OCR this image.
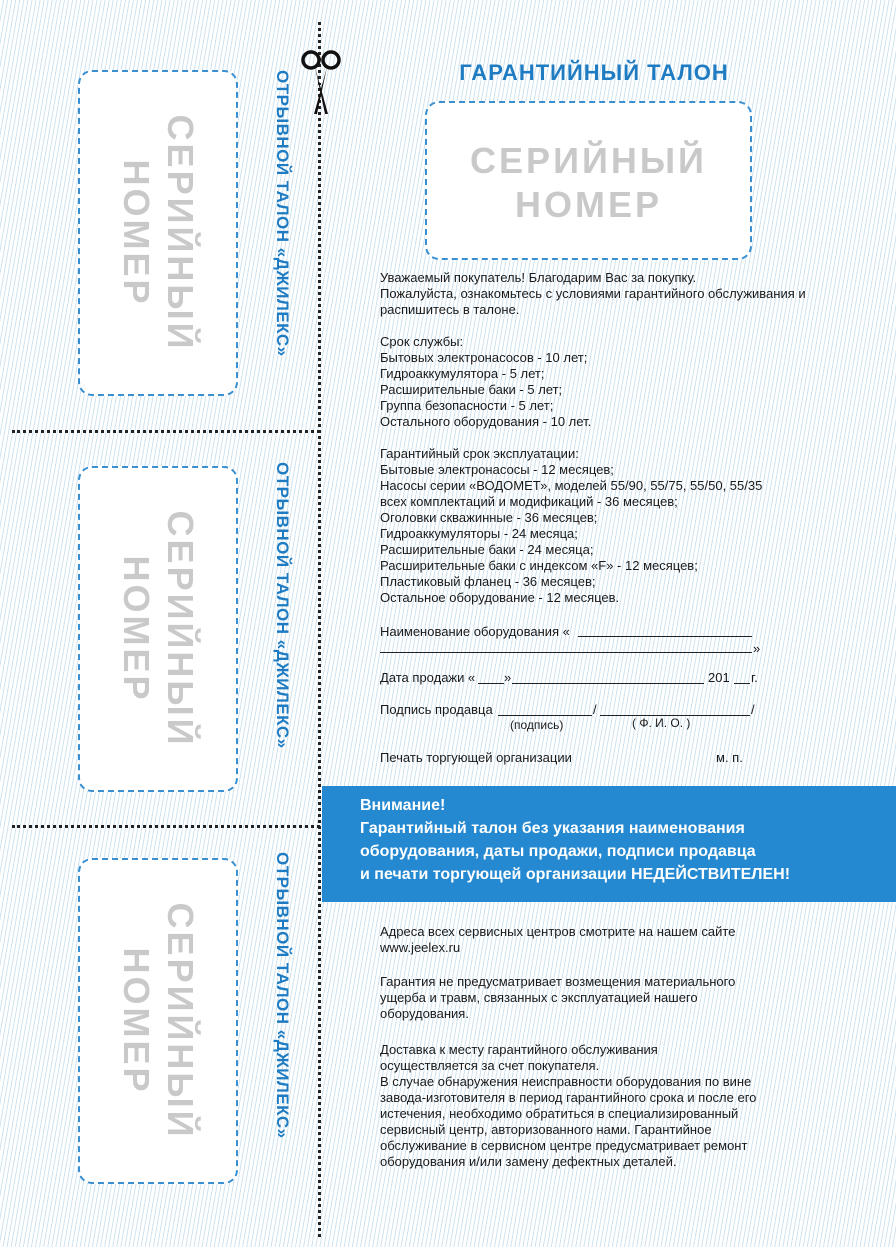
СЕРИЙНЫЙ
НОМЕР	ОТРЫВНОЙ ТАЛОН «ДЖИЛЕКС»
СЕРИЙНЫЙ
НОМЕР	ОТРЫВНОЙ ТАЛОН «ДЖИЛЕКС»
СЕРИЙНЫЙ
НОМЕР	ОТРЫВНОЙ ТАЛОН «ДЖИЛЕКС»
ГАРАНТИЙНЫЙ ТАЛОН
СЕРИЙНЫЙ
НОМЕР
Уважаемый покупатель! Благодарим Вас за покупку.
Пожалуйста, ознакомьтесь с условиями гарантийного обслуживания и
распишитесь в талоне.
Срок службы:
Бытовых электронасосов - 10 лет;
Гидроаккумулятора - 5 лет;
Расширительные баки - 5 лет;
Группа безопасности - 5 лет;
Остального оборудования - 10 лет.
Гарантийный срок эксплуатации:
Бытовые электронасосы - 12 месяцев;
Насосы серии «ВОДОМЕТ», моделей 55/90, 55/75, 55/50, 55/35
всех комплектаций и модификаций - 36 месяцев;
Оголовки скважинные - 36 месяцев;
Гидроаккумуляторы - 24 месяца;
Расширительные баки - 24 месяца;
Расширительные баки с индексом «F» - 12 месяцев;
Пластиковый фланец - 36 месяцев;
Остальное оборудование - 12 месяцев.
Наименование оборудования «
»
Дата продажи « »	201 г.
Подпись продавца	/	/
(подпись)	( Ф. И. О. )
Печать торгующей организации	м. п.
Внимание!
Гарантийный талон без указания наименования
оборудования, даты продажи, подписи продавца
и печати торгующей организации НЕДЕЙСТВИТЕЛЕН!
Адреса всех сервисных центров смотрите на нашем сайте
www.jeelex.ru
Гарантия не предусматривает возмещения материального
ущерба и травм, связанных с эксплуатацией нашего
оборудования.
Доставка к месту гарантийного обслуживания
осуществляется за счет покупателя.
В случае обнаружения неисправности оборудования по вине
завода-изготовителя в период гарантийного срока и после его
истечения, необходимо обратиться в специализированный
сервисный центр, авторизованного нами. Гарантийное
обслуживание в сервисном центре предусматривает ремонт
оборудования и/или замену дефектных деталей.
